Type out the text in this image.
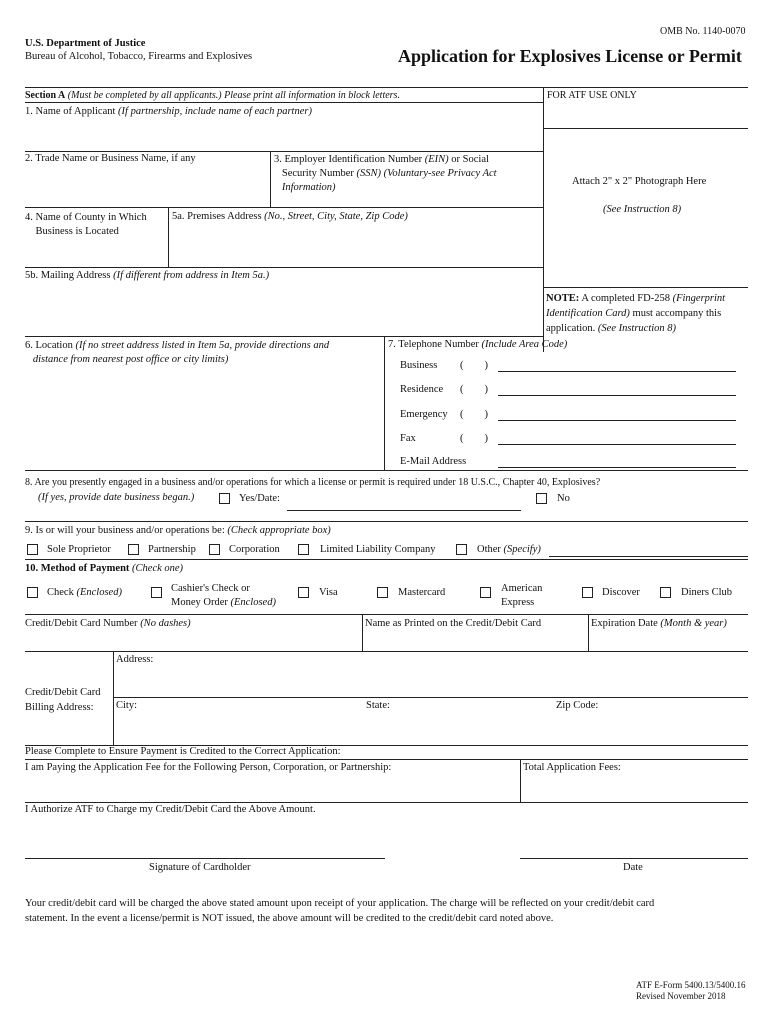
OMB No. 1140-0070
U.S. Department of Justice
Bureau of Alcohol, Tobacco, Firearms and Explosives	Application for Explosives License or Permit
Section A (Must be completed by all applicants.) Please print all information in block letters.	FOR ATF USE ONLY
1. Name of Applicant (If partnership, include name of each partner)
2. Trade Name or Business Name, if any	3. Employer Identification Number (EIN) or Social
Security Number (SSN) (Voluntary-see Privacy Act
Information)
Attach 2" x 2" Photograph Here
(See Instruction 8)
4. Name of County in Which
Business is Located
5a. Premises Address (No., Street, City, State, Zip Code)
5b. Mailing Address (If different from address in Item 5a.)
NOTE: A completed FD-258 (Fingerprint
Identification Card) must accompany this
application. (See Instruction 8)
6. Location (If no street address listed in Item 5a, provide directions and
distance from nearest post office or city limits)
7. Telephone Number (Include Area Code)
Business (        )
Residence (        )
Emergency (        )
Fax	(        )
E-Mail Address
8. Are you presently engaged in a business and/or operations for which a license or permit is required under 18 U.S.C., Chapter 40, Explosives?
(If yes, provide date business began.)	Yes/Date:	No
9. Is or will your business and/or operations be: (Check appropriate box)
Sole Proprietor	Partnership	Corporation	Limited Liability Company	Other (Specify)
10. Method of Payment (Check one)
Check (Enclosed)	Cashier's Check or
Money Order (Enclosed)
Visa	Mastercard	American
Express
Discover	Diners Club
Credit/Debit Card Number (No dashes)	Name as Printed on the Credit/Debit Card	Expiration Date (Month & year)
Address:
Credit/Debit Card
Billing Address:	City:	State:	Zip Code:
Please Complete to Ensure Payment is Credited to the Correct Application:
I am Paying the Application Fee for the Following Person, Corporation, or Partnership:	Total Application Fees:
I Authorize ATF to Charge my Credit/Debit Card the Above Amount.
Signature of Cardholder	Date
Your credit/debit card will be charged the above stated amount upon receipt of your application. The charge will be reflected on your credit/debit card
statement. In the event a license/permit is NOT issued, the above amount will be credited to the credit/debit card noted above.
ATF E-Form 5400.13/5400.16
Revised November 2018
